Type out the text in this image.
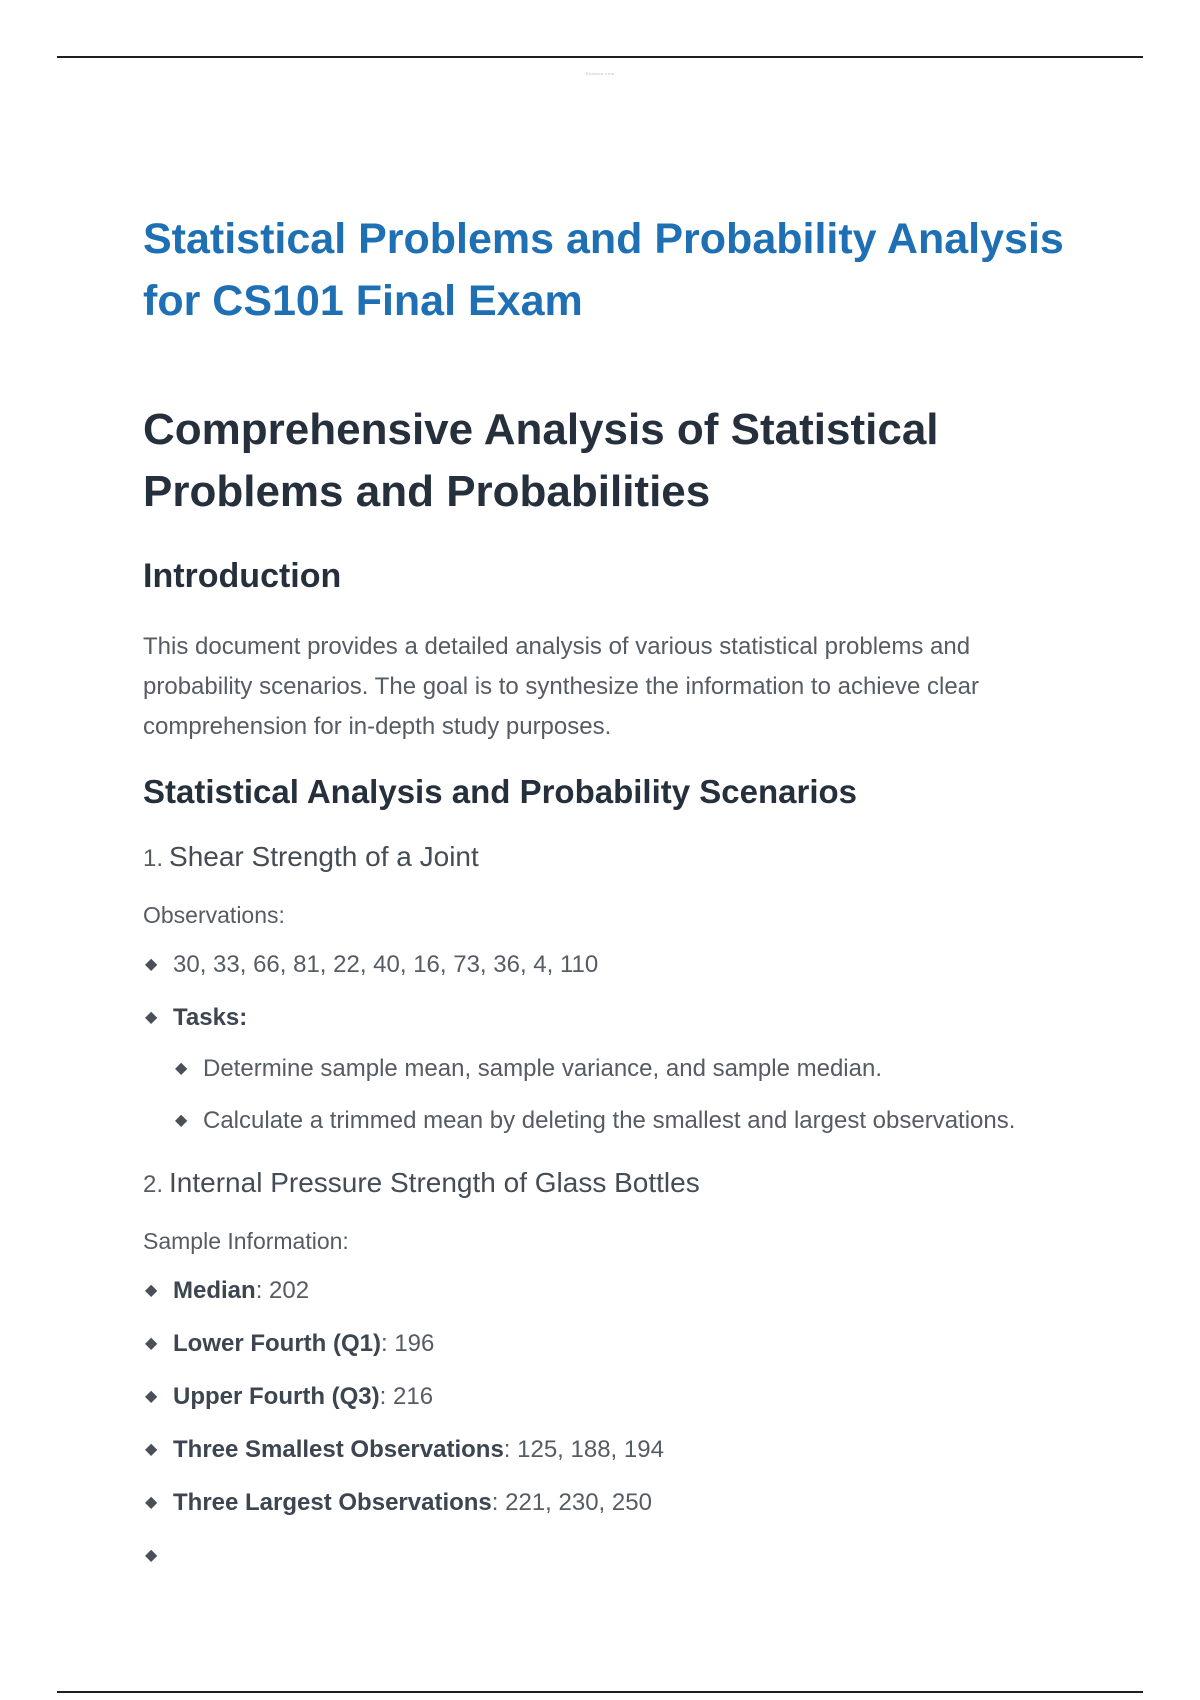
Studocu.com
Statistical Problems and Probability Analysis for CS101 Final Exam
Comprehensive Analysis of Statistical Problems and Probabilities
Introduction

This document provides a detailed analysis of various statistical problems and probability scenarios. The goal is to synthesize the information to achieve clear comprehension for in-depth study purposes.

Statistical Analysis and Probability Scenarios
1. Shear Strength of a Joint
Observations:
◆ 30, 33, 66, 81, 22, 40, 16, 73, 36, 4, 110
◆ Tasks:
◆ Determine sample mean, sample variance, and sample median.
◆ Calculate a trimmed mean by deleting the smallest and largest observations.
2. Internal Pressure Strength of Glass Bottles
Sample Information:
◆ Median: 202
◆ Lower Fourth (Q1): 196
◆ Upper Fourth (Q3): 216
◆ Three Smallest Observations: 125, 188, 194
◆ Three Largest Observations: 221, 230, 250
◆
